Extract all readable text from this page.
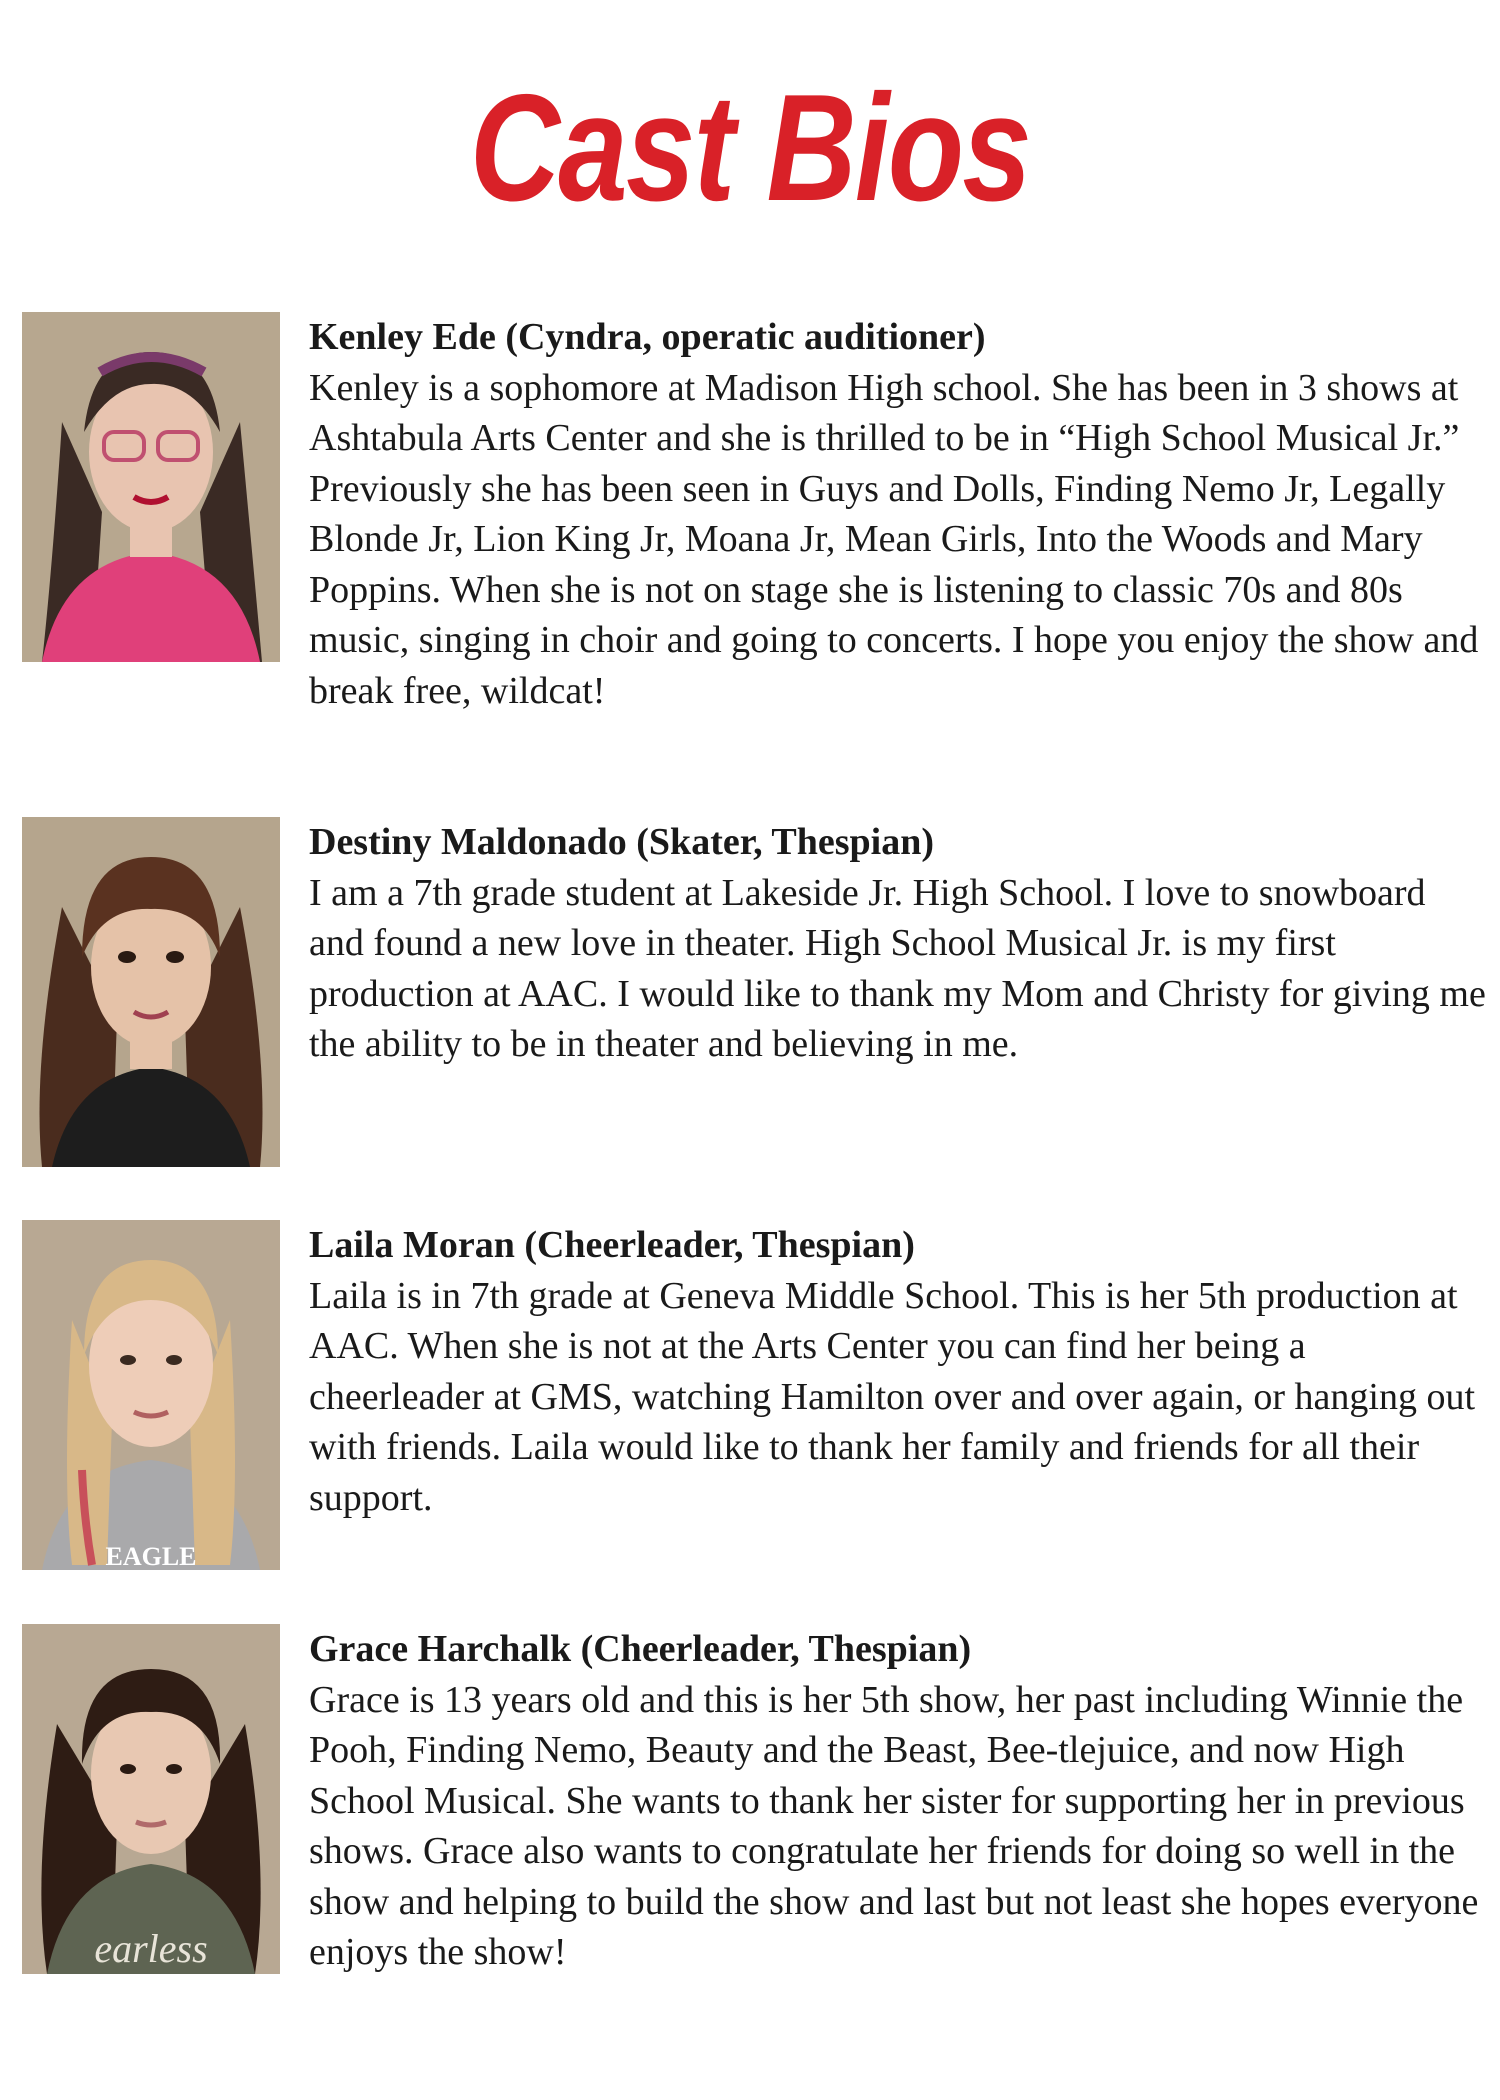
Cast Bios
Kenley Ede (Cyndra, operatic auditioner)
Kenley is a sophomore at Madison High school. She has been in 3 shows at Ashtabula Arts Center and she is thrilled to be in “High School Musical Jr.” Previously she has been seen in Guys and Dolls, Finding Nemo Jr, Legally Blonde Jr, Lion King Jr, Moana Jr, Mean Girls, Into the Woods and Mary Poppins. When she is not on stage she is listening to classic 70s and 80s music, singing in choir and going to concerts. I hope you enjoy the show and break free, wildcat!
Destiny Maldonado (Skater, Thespian)
I am a 7th grade student at Lakeside Jr. High School. I love to snowboard and found a new love in theater. High School Musical Jr. is my first production at AAC. I would like to thank my Mom and Christy for giving me the ability to be in theater and believing in me.
EAGLE
Laila Moran (Cheerleader, Thespian)
Laila is in 7th grade at Geneva Middle School. This is her 5th production at AAC. When she is not at the Arts Center you can find her being a cheerleader at GMS, watching Hamilton over and over again, or hanging out with friends. Laila would like to thank her family and friends for all their support.
earless
Grace Harchalk (Cheerleader, Thespian)
Grace is 13 years old and this is her 5th show, her past including Winnie the Pooh, Finding Nemo, Beauty and the Beast, Bee-tlejuice, and now High School Musical. She wants to thank her sister for supporting her in previous shows. Grace also wants to congratulate her friends for doing so well in the show and helping to build the show and last but not least she hopes everyone enjoys the show!
